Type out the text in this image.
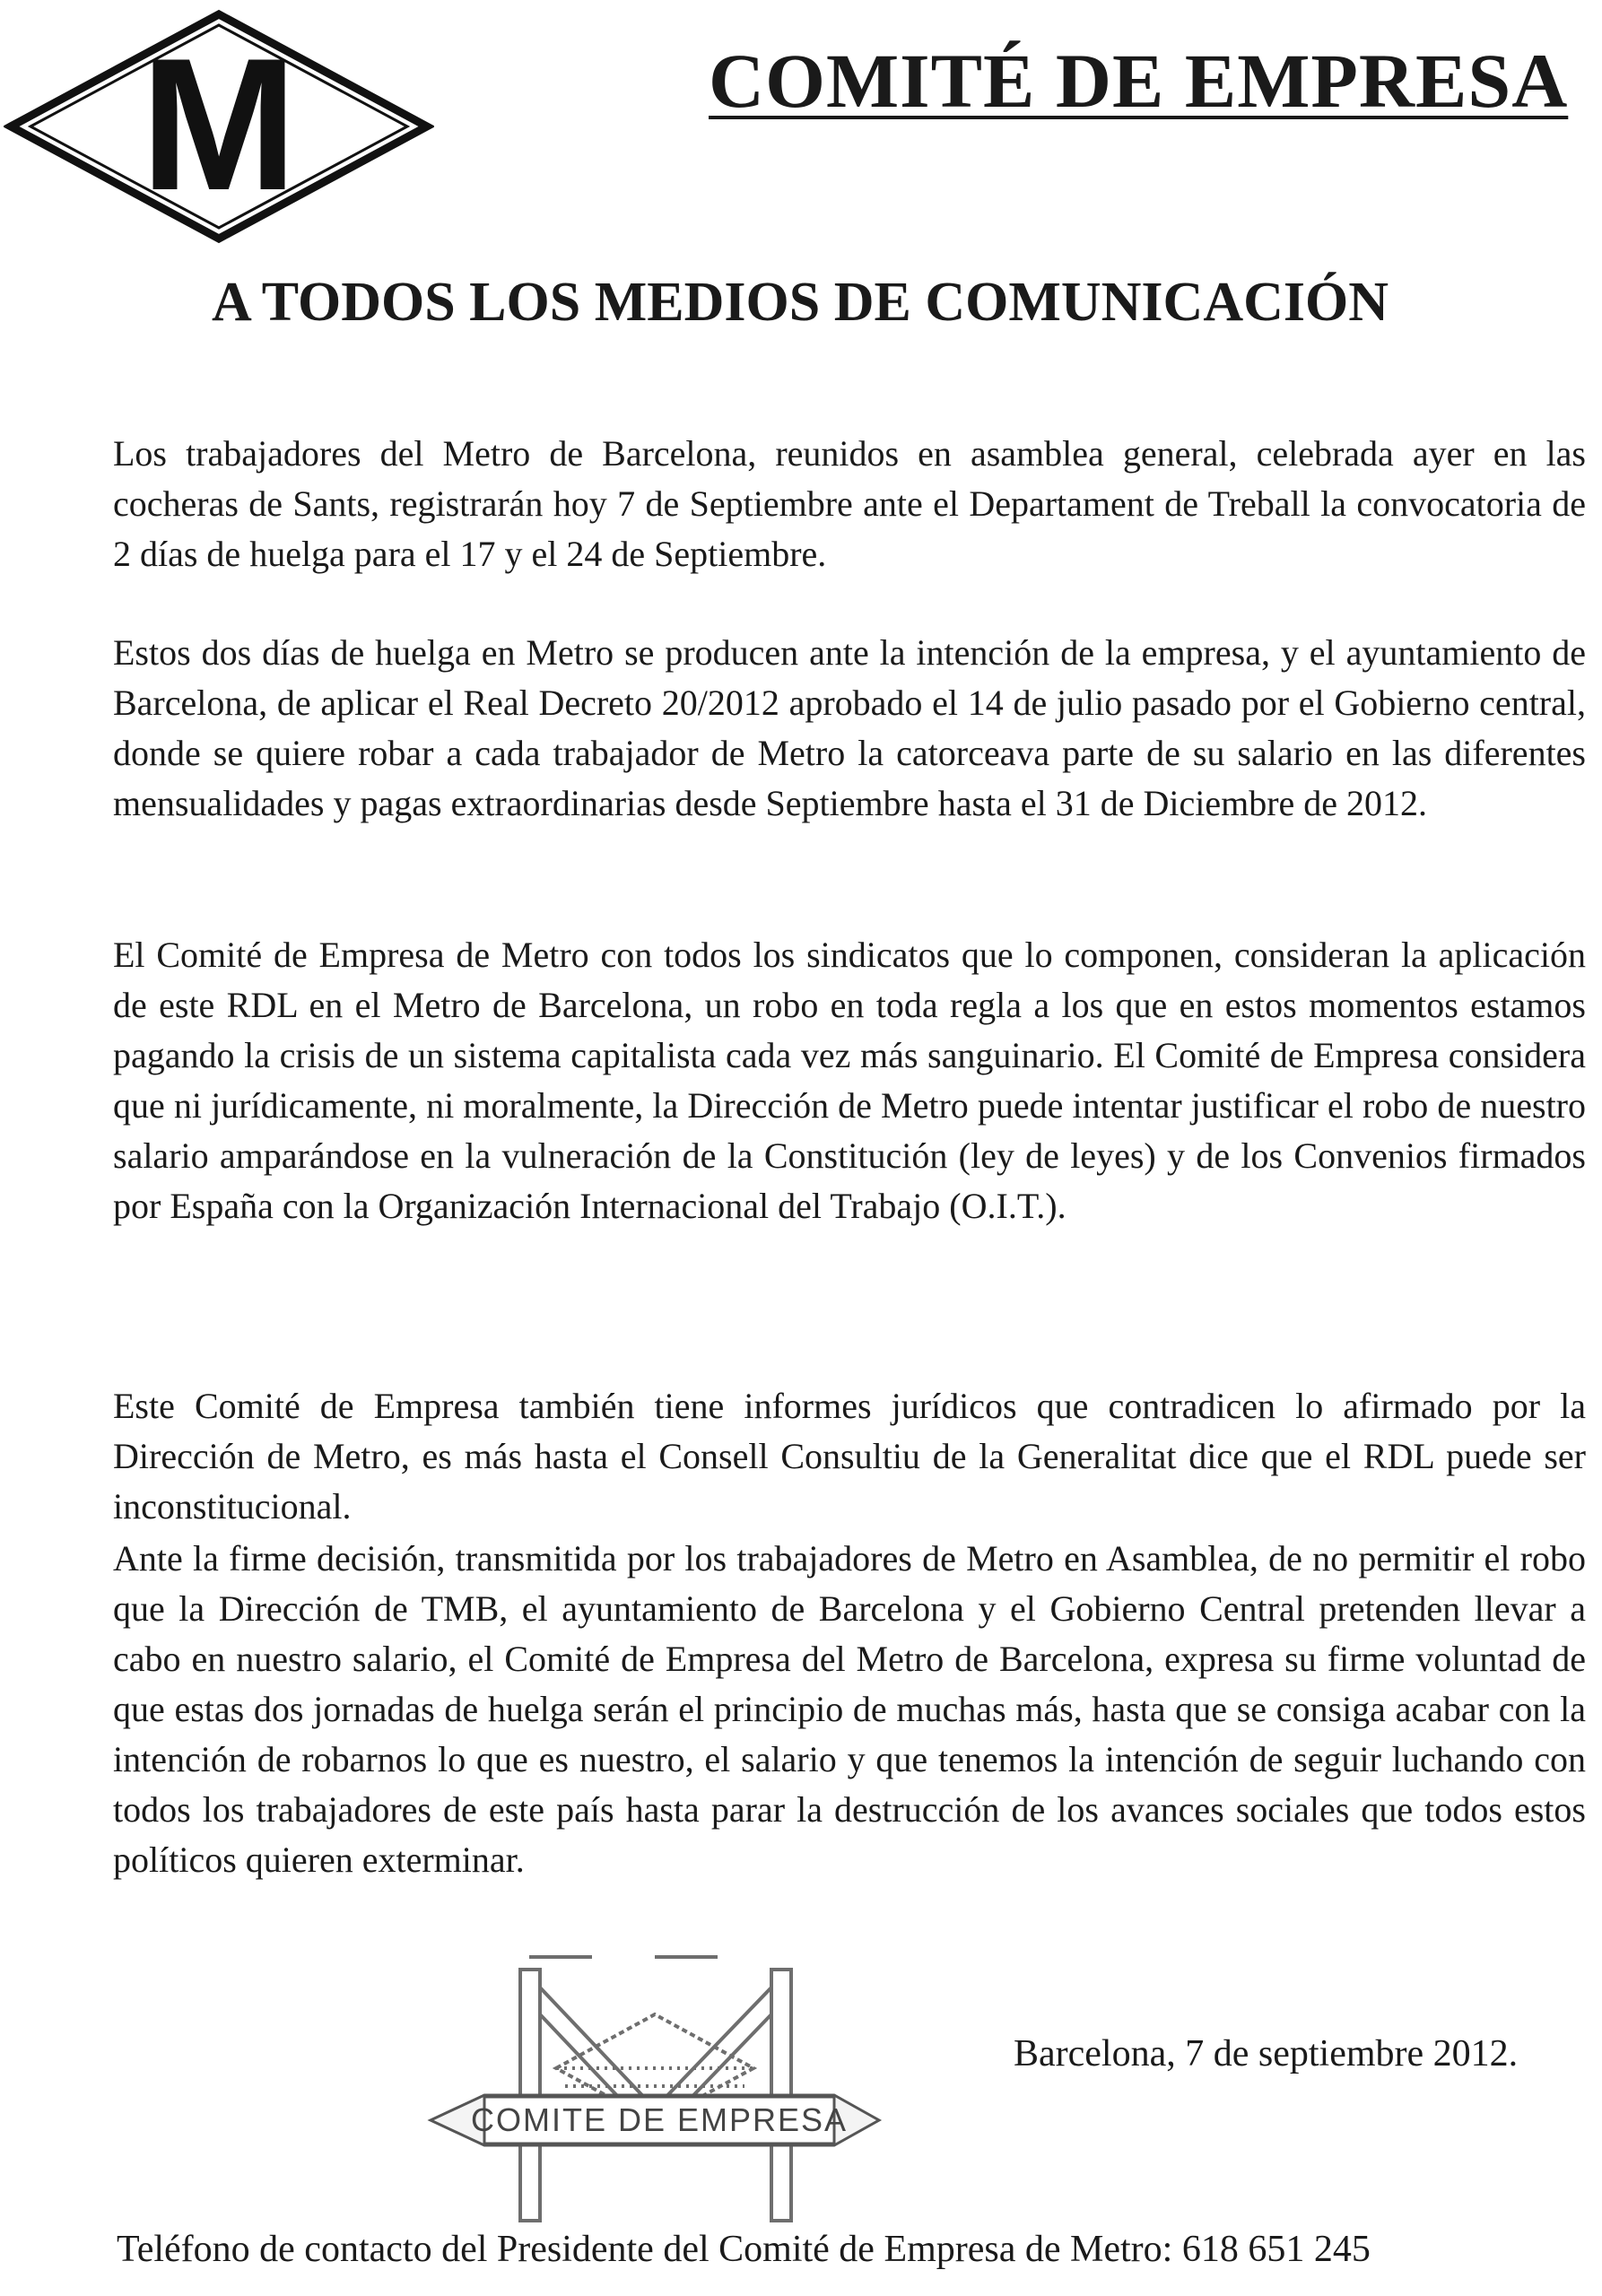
M	COMITÉ DE EMPRESA
A TODOS LOS MEDIOS DE COMUNICACIÓN
Los trabajadores del Metro de Barcelona, reunidos en asamblea general, celebrada ayer en las cocheras de Sants, registrarán hoy 7 de Septiembre ante el Departament de Treball la convocatoria de 2 días de huelga para el 17 y el 24 de Septiembre.
Estos dos días de huelga en Metro se producen ante la intención de la empresa, y el ayuntamiento de Barcelona, de aplicar el Real Decreto 20/2012 aprobado el 14 de julio pasado por el Gobierno central, donde se quiere robar a cada trabajador de Metro la catorceava parte de su salario en las diferentes mensualidades y pagas extraordinarias desde Septiembre hasta el 31 de Diciembre de 2012.
El Comité de Empresa de Metro con todos los sindicatos que lo componen, consideran la aplicación de este RDL en el Metro de Barcelona, un robo en toda regla a los que en estos momentos estamos pagando la crisis de un sistema capitalista cada vez más sanguinario. El Comité de Empresa considera que ni jurídicamente, ni moralmente, la Dirección de Metro puede intentar justificar el robo de nuestro salario amparándose en la vulneración de la Constitución (ley de leyes) y de los Convenios firmados por España con la Organización Internacional del Trabajo (O.I.T.).
Este Comité de Empresa también tiene informes jurídicos que contradicen lo afirmado por la Dirección de Metro, es más hasta el Consell Consultiu de la Generalitat dice que el RDL puede ser inconstitucional.
Ante la firme decisión, transmitida por los trabajadores de Metro en Asamblea, de no permitir el robo que la Dirección de TMB, el ayuntamiento de Barcelona y el Gobierno Central pretenden llevar a cabo en nuestro salario, el Comité de Empresa del Metro de Barcelona, expresa su firme voluntad de que estas dos jornadas de huelga serán el principio de muchas más, hasta que se consiga acabar con la intención de robarnos lo que es nuestro, el salario y que tenemos la intención de seguir luchando con todos los trabajadores de este país hasta parar la destrucción de los avances sociales que todos estos políticos quieren exterminar.
COMITE DE EMPRESA
Barcelona, 7 de septiembre 2012.
Teléfono de contacto del Presidente del Comité de Empresa de Metro: 618 651 245
